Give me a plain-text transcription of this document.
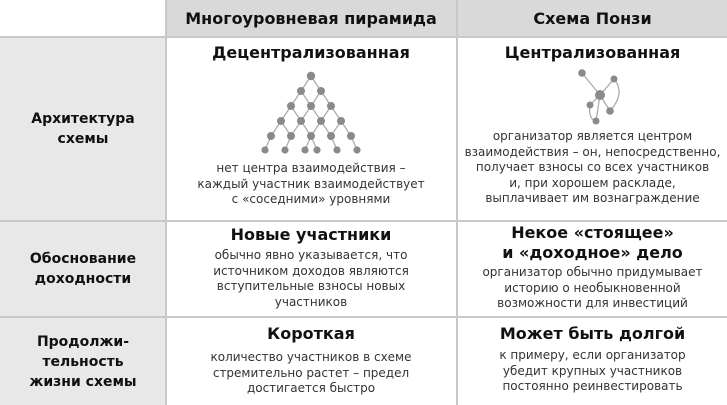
Многоуровневая пирамида	Схема Понзи
Архитектура
схемы
Децентрализованная
нет центра взаимодействия –
каждый участник взаимодействует
с «соседними» уровнями
Централизованная
организатор является центром
взаимодействия – он, непосредственно,
получает взносы со всех участников
и, при хорошем раскладе,
выплачивает им вознаграждение
Обоснование
доходности
Новые участники
обычно явно указывается, что
источником доходов являются
вступительные взносы новых
участников
Некое «стоящее»
и «доходное» дело
организатор обычно придумывает
историю о необыкновенной
возможности для инвестиций
Продолжи-
тельность
жизни схемы
Короткая
количество участников в схеме
стремительно растет – предел
достигается быстро
Может быть долгой
к примеру, если организатор
убедит крупных участников
постоянно реинвестировать
